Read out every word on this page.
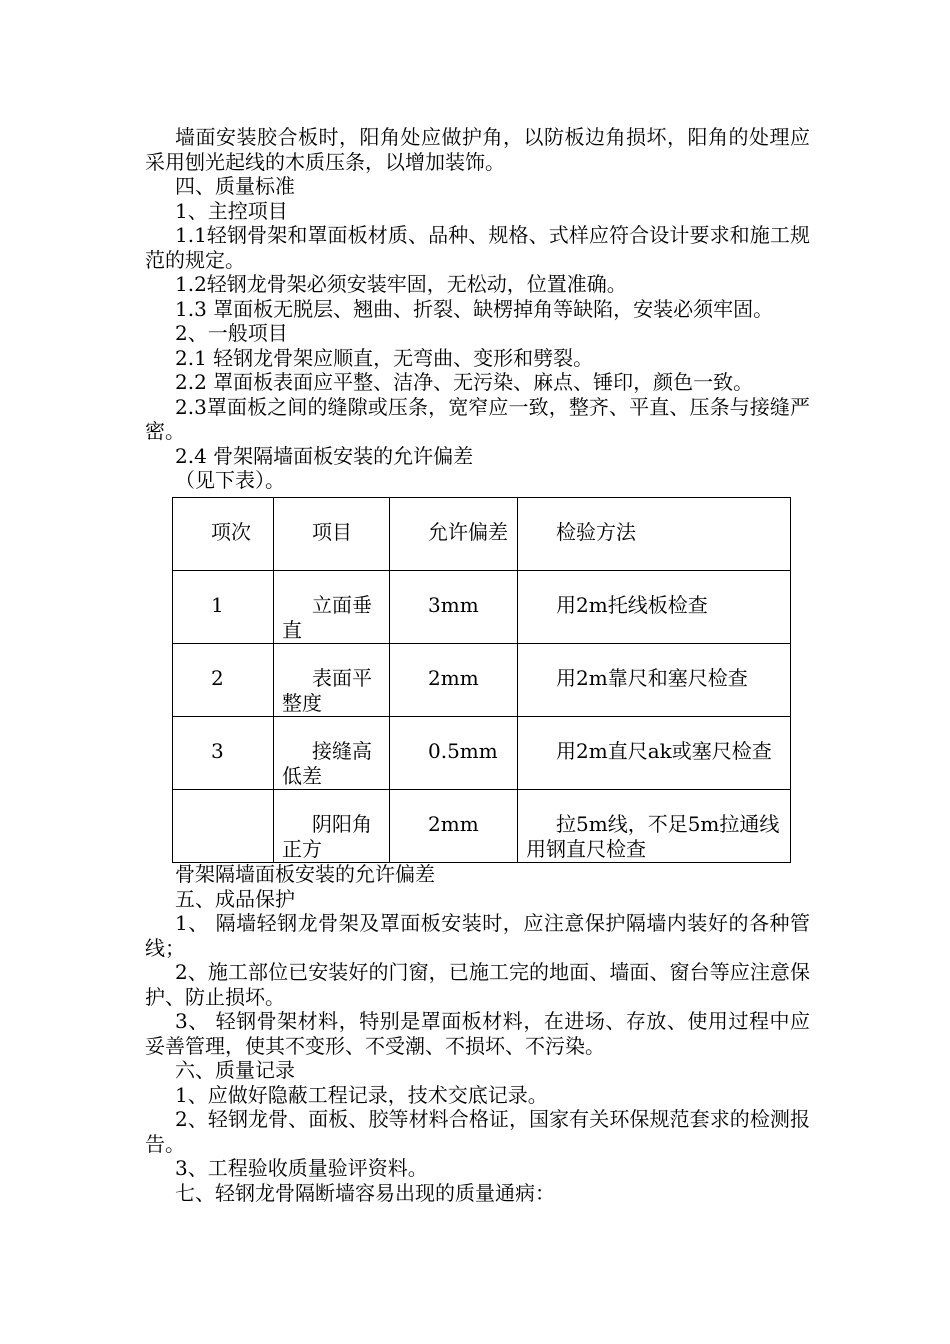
墙面安装胶合板时，阳角处应做护角，以防板边角损坏，阳角的处理应采用刨光起线的木质压条，以增加装饰。

四、质量标准

1、主控项目

1.1轻钢骨架和罩面板材质、品种、规格、式样应符合设计要求和施工规范的规定。

1.2轻钢龙骨架必须安装牢固，无松动，位置准确。

1.3 罩面板无脱层、翘曲、折裂、缺楞掉角等缺陷，安装必须牢固。

2、一般项目

2.1 轻钢龙骨架应顺直，无弯曲、变形和劈裂。

2.2 罩面板表面应平整、洁净、无污染、麻点、锤印，颜色一致。

2.3罩面板之间的缝隙或压条，宽窄应一致，整齐、平直、压条与接缝严密。

2.4 骨架隔墙面板安装的允许偏差

（见下表）。

项次	项目	允许偏差	检验方法

1	立面垂直	3mm	用2m托线板检查

2	表面平整度	2mm	用2m靠尺和塞尺检查

3	接缝高低差	0.5mm	用2m直尺ak或塞尺检查

	阴阳角正方	2mm	拉5m线，不足5m拉通线用钢直尺检查

骨架隔墙面板安装的允许偏差

五、成品保护

1、 隔墙轻钢龙骨架及罩面板安装时，应注意保护隔墙内装好的各种管线；

2、施工部位已安装好的门窗，已施工完的地面、墙面、窗台等应注意保护、防止损坏。

3、 轻钢骨架材料，特别是罩面板材料，在进场、存放、使用过程中应妥善管理，使其不变形、不受潮、不损坏、不污染。

六、质量记录

1、应做好隐蔽工程记录，技术交底记录。

2、轻钢龙骨、面板、胶等材料合格证，国家有关环保规范套求的检测报告。

3、工程验收质量验评资料。

七、轻钢龙骨隔断墙容易出现的质量通病：
